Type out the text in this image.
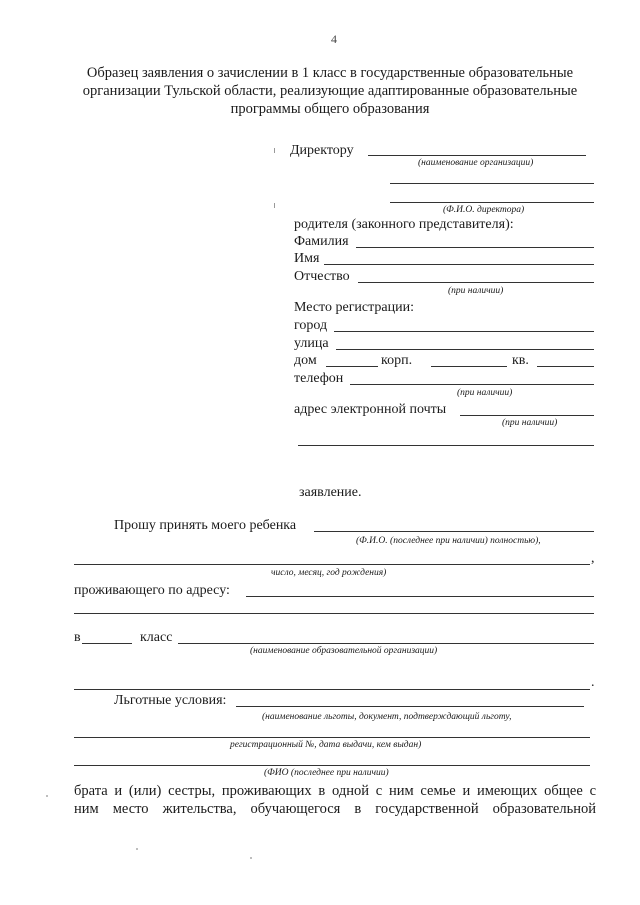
4
Образец заявления о зачислении в 1 класс в государственные образовательные
организации Тульской области, реализующие адаптированные образовательные
программы общего образования
Директору
(наименование организации)
(Ф.И.О. директора)
родителя (законного представителя):
Фамилия
Имя
Отчество
(при наличии)
Место регистрации:
город
улица
дом	корп.	кв.
телефон
(при наличии)
адрес электронной почты
(при наличии)
заявление.
Прошу принять моего ребенка
(Ф.И.О. (последнее при наличии) полностью),
,
число, месяц, год рождения)
проживающего по адресу:
в	класс
(наименование образовательной организации)
.
Льготные условия:
(наименование льготы, документ, подтверждающий льготу,
регистрационный №, дата выдачи, кем выдан)
(ФИО (последнее при наличии)
брата и (или) сестры, проживающих в одной с ним семье и имеющих общее с
ним место жительства, обучающегося в государственной образовательной
